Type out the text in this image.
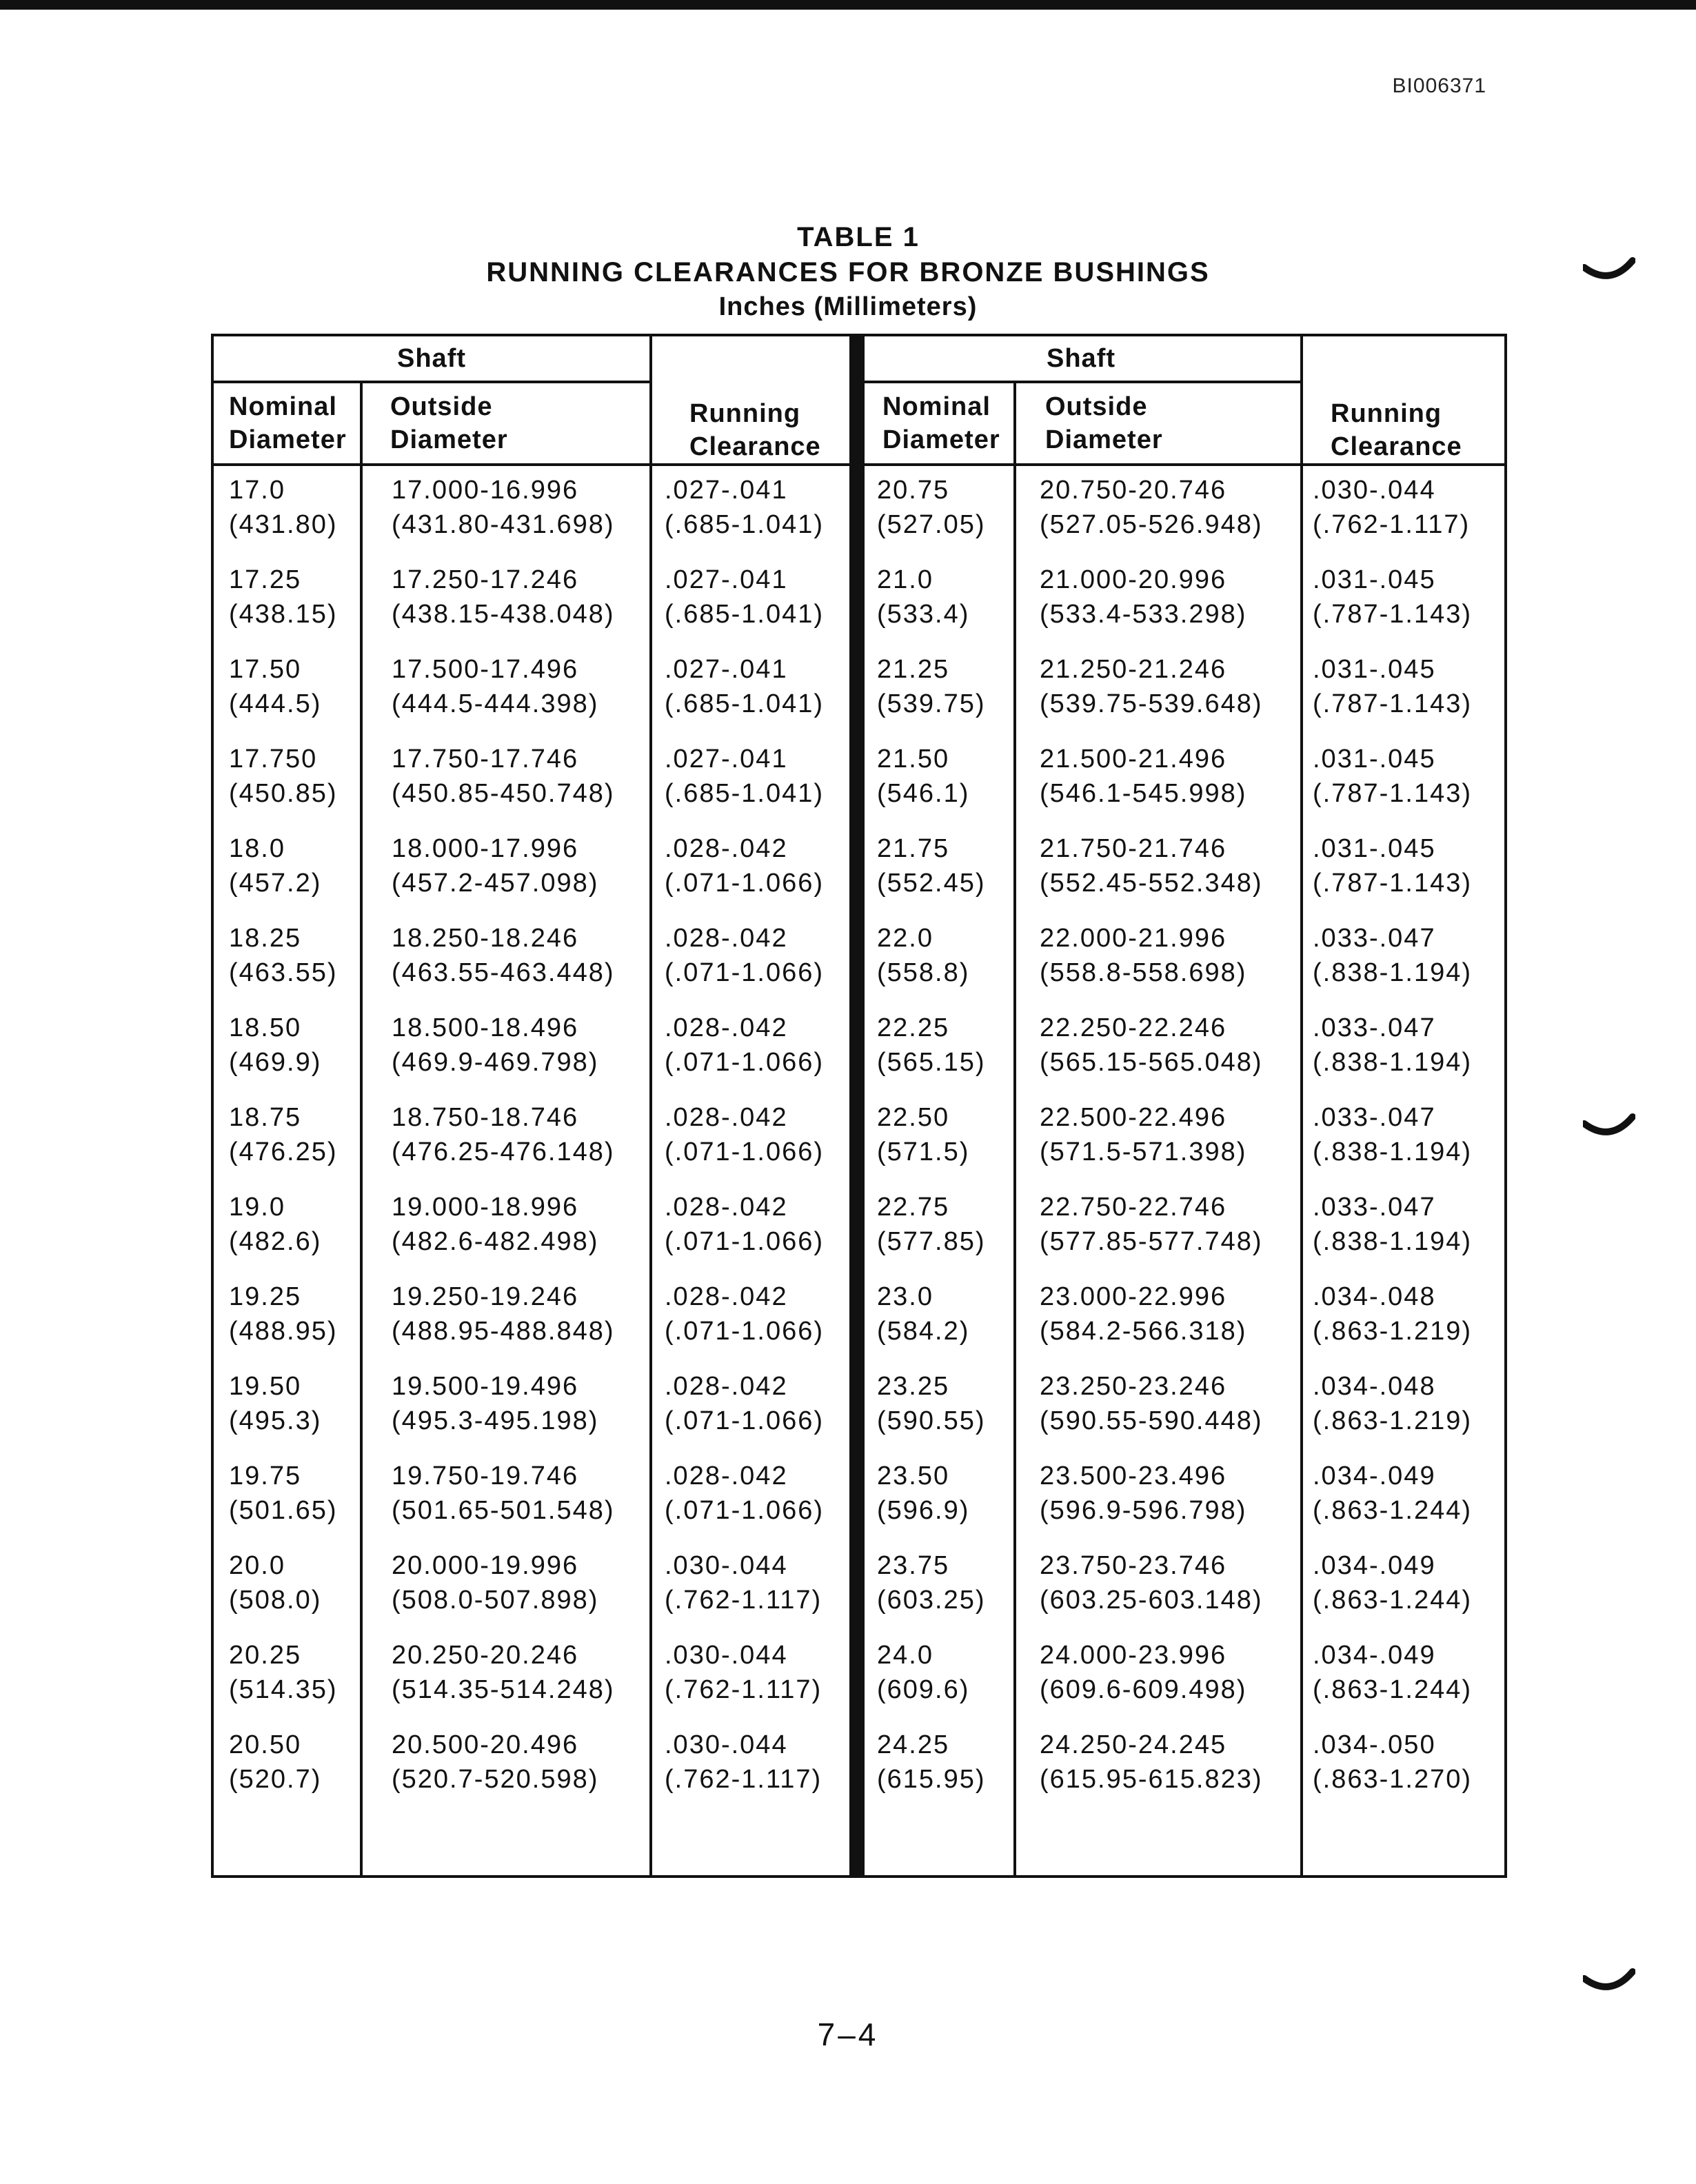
BI006371
TABLE 1
RUNNING CLEARANCES FOR BRONZE BUSHINGS
Inches (Millimeters)
Shaft
Nominal
Diameter
Outside
Diameter
Running
Clearance
17.0
(431.80)
17.000-16.996
(431.80-431.698)
.027-.041
(.685-1.041)
17.25
(438.15)
17.250-17.246
(438.15-438.048)
.027-.041
(.685-1.041)
17.50
(444.5)
17.500-17.496
(444.5-444.398)
.027-.041
(.685-1.041)
17.750
(450.85)
17.750-17.746
(450.85-450.748)
.027-.041
(.685-1.041)
18.0
(457.2)
18.000-17.996
(457.2-457.098)
.028-.042
(.071-1.066)
18.25
(463.55)
18.250-18.246
(463.55-463.448)
.028-.042
(.071-1.066)
18.50
(469.9)
18.500-18.496
(469.9-469.798)
.028-.042
(.071-1.066)
18.75
(476.25)
18.750-18.746
(476.25-476.148)
.028-.042
(.071-1.066)
19.0
(482.6)
19.000-18.996
(482.6-482.498)
.028-.042
(.071-1.066)
19.25
(488.95)
19.250-19.246
(488.95-488.848)
.028-.042
(.071-1.066)
19.50
(495.3)
19.500-19.496
(495.3-495.198)
.028-.042
(.071-1.066)
19.75
(501.65)
19.750-19.746
(501.65-501.548)
.028-.042
(.071-1.066)
20.0
(508.0)
20.000-19.996
(508.0-507.898)
.030-.044
(.762-1.117)
20.25
(514.35)
20.250-20.246
(514.35-514.248)
.030-.044
(.762-1.117)
20.50
(520.7)
20.500-20.496
(520.7-520.598)
.030-.044
(.762-1.117)
Shaft
Nominal
Diameter
Outside
Diameter
Running
Clearance
20.75
(527.05)
20.750-20.746
(527.05-526.948)
.030-.044
(.762-1.117)
21.0
(533.4)
21.000-20.996
(533.4-533.298)
.031-.045
(.787-1.143)
21.25
(539.75)
21.250-21.246
(539.75-539.648)
.031-.045
(.787-1.143)
21.50
(546.1)
21.500-21.496
(546.1-545.998)
.031-.045
(.787-1.143)
21.75
(552.45)
21.750-21.746
(552.45-552.348)
.031-.045
(.787-1.143)
22.0
(558.8)
22.000-21.996
(558.8-558.698)
.033-.047
(.838-1.194)
22.25
(565.15)
22.250-22.246
(565.15-565.048)
.033-.047
(.838-1.194)
22.50
(571.5)
22.500-22.496
(571.5-571.398)
.033-.047
(.838-1.194)
22.75
(577.85)
22.750-22.746
(577.85-577.748)
.033-.047
(.838-1.194)
23.0
(584.2)
23.000-22.996
(584.2-566.318)
.034-.048
(.863-1.219)
23.25
(590.55)
23.250-23.246
(590.55-590.448)
.034-.048
(.863-1.219)
23.50
(596.9)
23.500-23.496
(596.9-596.798)
.034-.049
(.863-1.244)
23.75
(603.25)
23.750-23.746
(603.25-603.148)
.034-.049
(.863-1.244)
24.0
(609.6)
24.000-23.996
(609.6-609.498)
.034-.049
(.863-1.244)
24.25
(615.95)
24.250-24.245
(615.95-615.823)
.034-.050
(.863-1.270)
7–4
